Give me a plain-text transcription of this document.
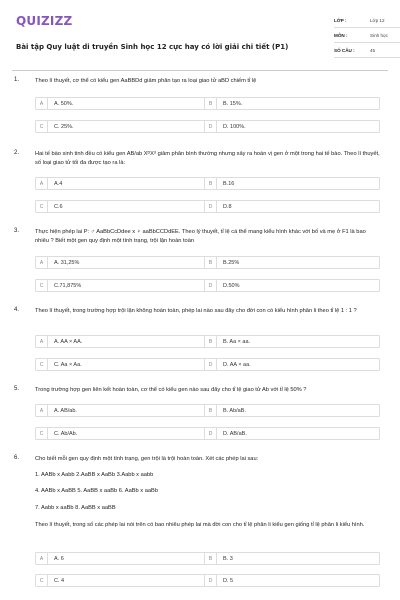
QUIZIZZ
Bài tập Quy luật di truyền Sinh học 12 cực hay có lời giải chi tiết (P1)
LỚP :	Lớp 12
MÔN :	Sinh học
SỐ CÂU :	45
1.	Theo lí thuyết, cơ thể có kiểu gen AaBBDd giảm phân tạo ra loại giao tử aBD chiếm tỉ lệ
A	A. 50%.	B	B. 15%.
C	C. 25%.	D	D. 100%.
2.	Hai tế bào sinh tinh đều có kiểu gen AB/ab XᴰXᵈ giảm phân bình thường nhưng xảy ra hoán vị gen ở một trong hai tế bào. Theo lí thuyết, số loại giao tử tối đa được tạo ra là:
A	A.4	B	B.16
C	C.6	D	D.8
3.	Thực hiện phép lai P: ♂ AaBbCcDdee x ♀ aaBbCCDdEE. Theo lý thuyết, tỉ lệ cá thể mang kiểu hình khác với bố và mẹ ở F1 là bao nhiêu ? Biết một gen quy định một tính trạng, trội lặn hoàn toàn
A	A. 31,25%	B	B.25%
C	C.71,875%	D	D.50%
4.	Theo lí thuyết, trong trường hợp trội lặn không hoàn toàn, phép lai nào sau đây cho đời con có kiểu hình phân li theo tỉ lệ 1 : 1 ?
A	A. AA × AA.	B	B. Aa × aa.
C	C. Aa × Aa.	D	D. AA × aa.
5.	Trong trường hợp gen liên kết hoàn toàn, cơ thể có kiểu gen nào sau đây cho tỉ lệ giao tử Ab với tỉ lệ 50% ?
A	A. AB/ab.	B	B. Ab/aB.
C	C. Ab/Ab.	D	D. AB/aB.
6.	Cho biết mỗi gen quy định một tính trạng, gen trội là trội hoàn toàn. Xét các phép lai sau:
1. AABb x Aabb 2.AaBB x AaBb 3.Aabb x aabb
4. AABb x AaBB 5. AaBB x aaBb 6. AaBb x aaBb
7. Aabb x aaBb 8. AaBB x aaBB
Theo lí thuyết, trong số các phép lai nói trên có bao nhiêu phép lai mà đời con cho tỉ lệ phân li kiểu gen giống tỉ lệ phân li kiểu hình.
A	A. 6	B	B. 3
C	C. 4	D	D. 5
